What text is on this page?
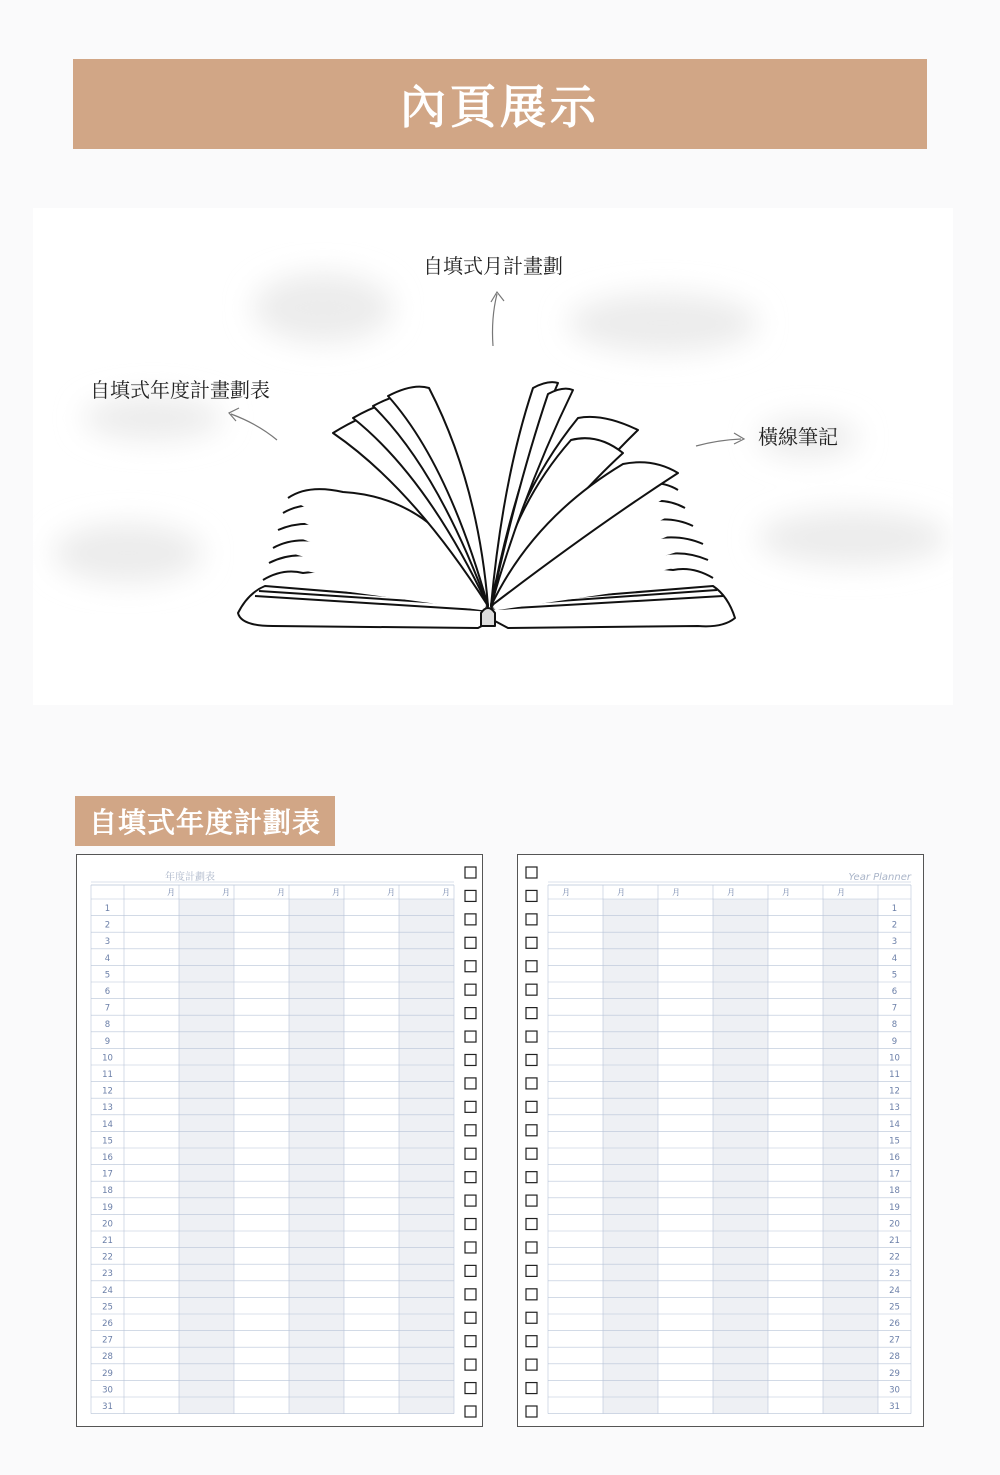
內頁展示
自填式月計畫劃
自填式年度計畫劃表
橫線筆記
自填式年度計劃表
年度計劃表
月	月	月	月	月	月
1
2
3
4
5
6
7
8
9
10
11
12
13
14
15
16
17
18
19
20
21
22
23
24
25
26
27
28
29
30
31
Year Planner
月	月	月	月	月	月
1
2
3
4
5
6
7
8
9
10
11
12
13
14
15
16
17
18
19
20
21
22
23
24
25
26
27
28
29
30
31
